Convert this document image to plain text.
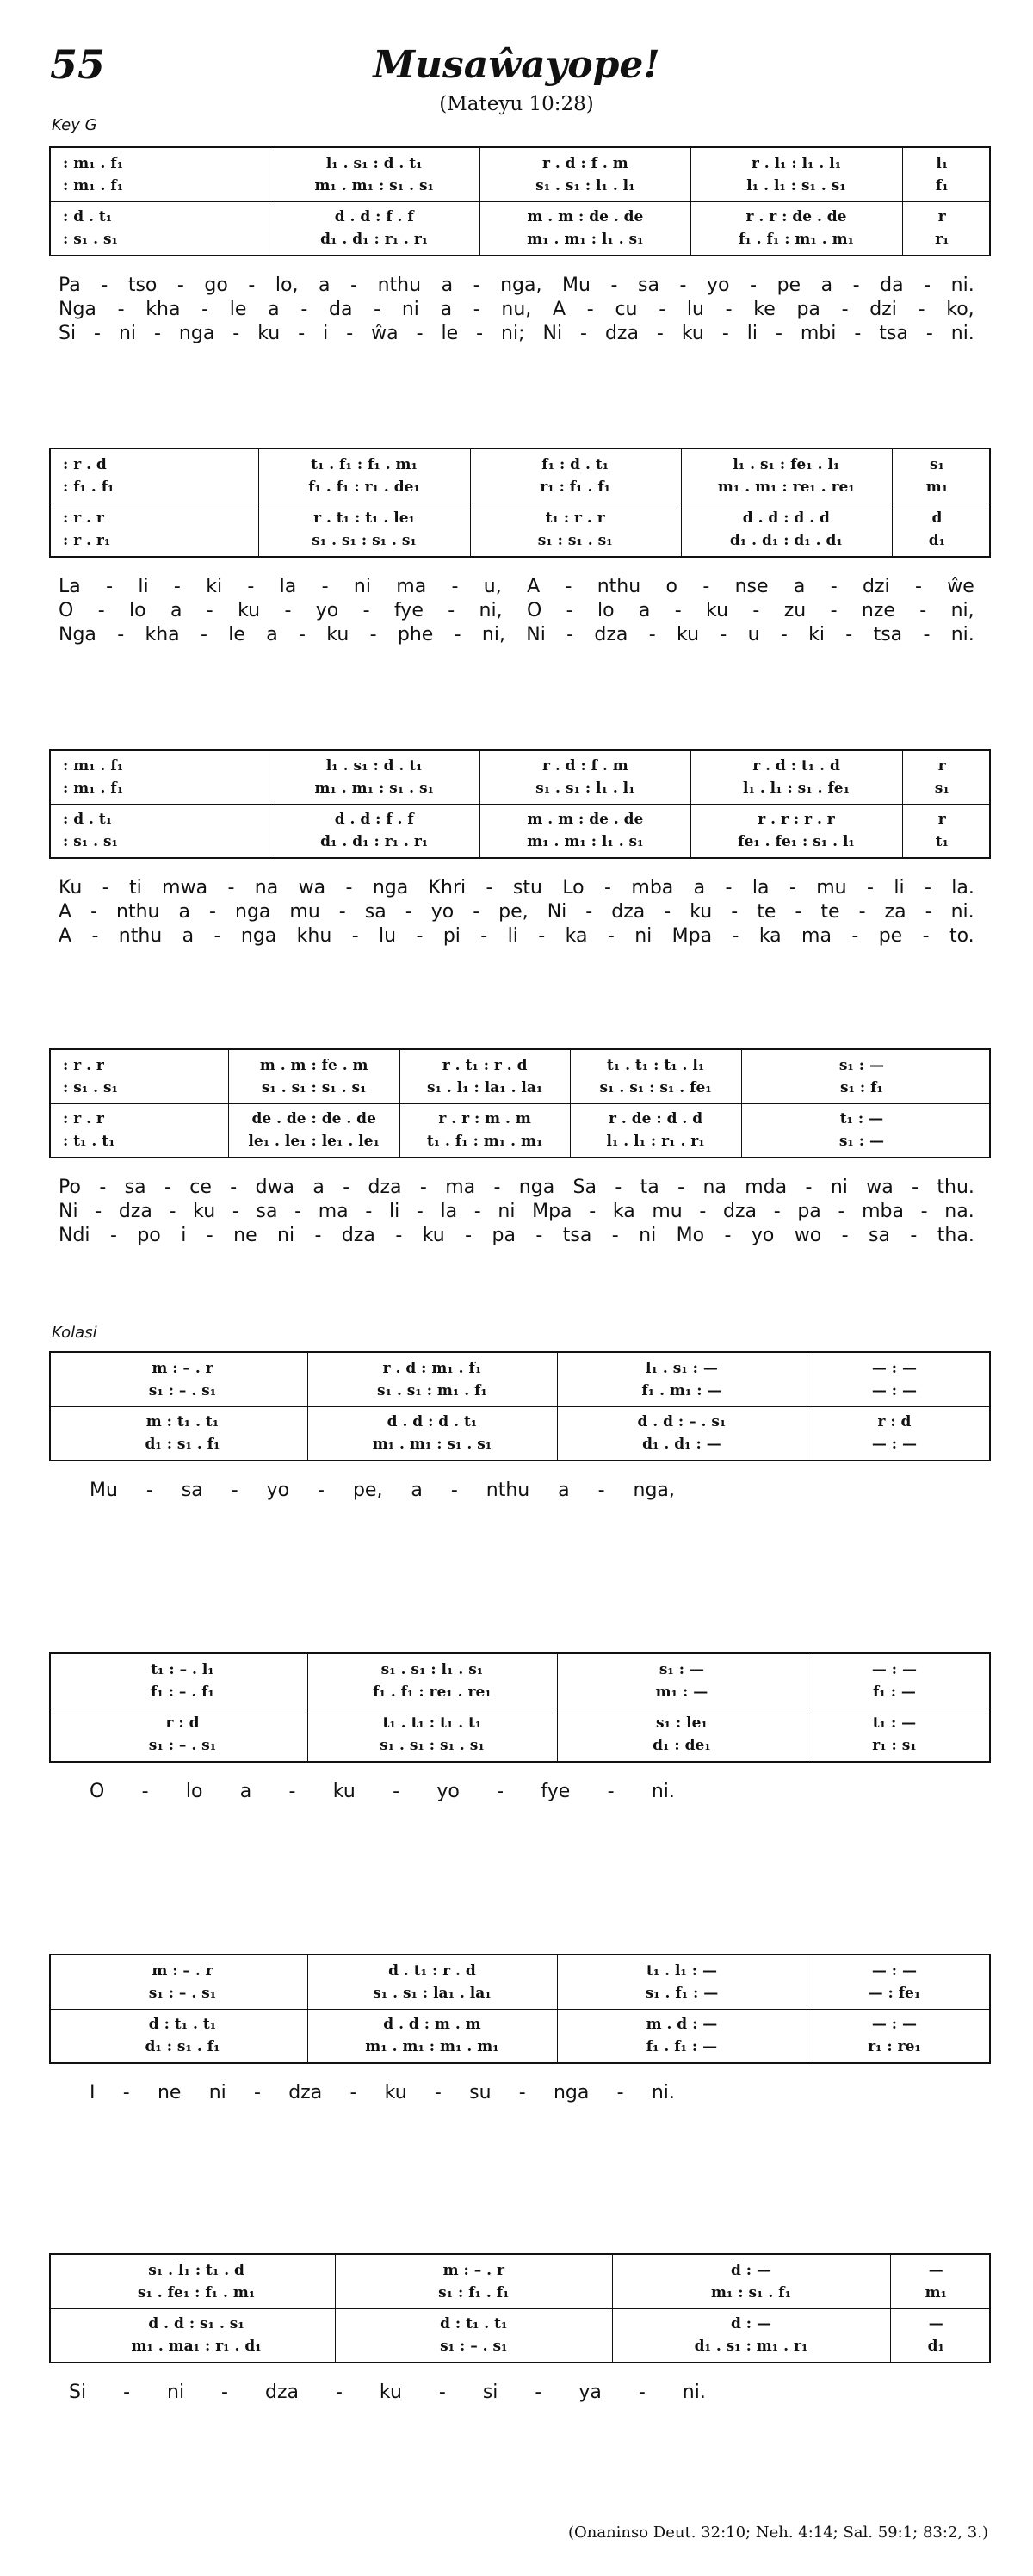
55	Musaŵayope!
(Mateyu 10:28)
Key G
Kolasi
: m₁ . f₁
: m₁ . f₁
: d . t₁
: s₁ . s₁
l₁ . s₁ : d . t₁
m₁ . m₁ : s₁ . s₁
d . d : f . f
d₁ . d₁ : r₁ . r₁
r . d : f . m
s₁ . s₁ : l₁ . l₁
m . m : de . de
m₁ . m₁ : l₁ . s₁
r . l₁ : l₁ . l₁
l₁ . l₁ : s₁ . s₁
r . r : de . de
f₁ . f₁ : m₁ . m₁
l₁
f₁
r
r₁
Pa - tso - go - lo, a - nthu a - nga, Mu - sa - yo - pe a - da - ni.
Nga - kha - le a - da - ni a - nu, A - cu - lu - ke pa - dzi - ko,
Si - ni - nga - ku - i - ŵa - le - ni; Ni - dza - ku - li - mbi - tsa - ni.
: r . d
: f₁ . f₁
: r . r
: r . r₁
t₁ . f₁ : f₁ . m₁
f₁ . f₁ : r₁ . de₁
r . t₁ : t₁ . le₁
s₁ . s₁ : s₁ . s₁
f₁ : d . t₁
r₁ : f₁ . f₁
t₁ : r . r
s₁ : s₁ . s₁
l₁ . s₁ : fe₁ . l₁
m₁ . m₁ : re₁ . re₁
d . d : d . d
d₁ . d₁ : d₁ . d₁
s₁
m₁
d
d₁
La - li - ki - la - ni ma - u, A - nthu o - nse a - dzi - ŵe
O - lo a - ku - yo - fye - ni, O - lo a - ku - zu - nze - ni,
Nga - kha - le a - ku - phe - ni, Ni - dza - ku - u - ki - tsa - ni.
: m₁ . f₁
: m₁ . f₁
: d . t₁
: s₁ . s₁
l₁ . s₁ : d . t₁
m₁ . m₁ : s₁ . s₁
d . d : f . f
d₁ . d₁ : r₁ . r₁
r . d : f . m
s₁ . s₁ : l₁ . l₁
m . m : de . de
m₁ . m₁ : l₁ . s₁
r . d : t₁ . d
l₁ . l₁ : s₁ . fe₁
r . r : r . r
fe₁ . fe₁ : s₁ . l₁
r
s₁
r
t₁
Ku - ti mwa - na wa - nga Khri - stu Lo - mba a - la - mu - li - la.
A - nthu a - nga mu - sa - yo - pe, Ni - dza - ku - te - te - za - ni.
A - nthu a - nga khu - lu - pi - li - ka - ni Mpa - ka ma - pe - to.
: r . r
: s₁ . s₁
: r . r
: t₁ . t₁
m . m : fe . m
s₁ . s₁ : s₁ . s₁
de . de : de . de
le₁ . le₁ : le₁ . le₁
r . t₁ : r . d
s₁ . l₁ : la₁ . la₁
r . r : m . m
t₁ . f₁ : m₁ . m₁
t₁ . t₁ : t₁ . l₁
s₁ . s₁ : s₁ . fe₁
r . de : d . d
l₁ . l₁ : r₁ . r₁
s₁ : —
s₁ : f₁
t₁ : —
s₁ : —
Po - sa - ce - dwa a - dza - ma - nga Sa - ta - na mda - ni wa - thu.
Ni - dza - ku - sa - ma - li - la - ni Mpa - ka mu - dza - pa - mba - na.
Ndi - po i - ne ni - dza - ku - pa - tsa - ni Mo - yo wo - sa - tha.
m : – . r
s₁ : – . s₁
m : t₁ . t₁
d₁ : s₁ . f₁
r . d : m₁ . f₁
s₁ . s₁ : m₁ . f₁
d . d : d . t₁
m₁ . m₁ : s₁ . s₁
l₁ . s₁ : —
f₁ . m₁ : —
d . d : – . s₁
d₁ . d₁ : —
— : —
— : —
r : d
— : —
Mu - sa - yo - pe, a - nthu a - nga,
t₁ : – . l₁
f₁ : – . f₁
r : d
s₁ : – . s₁
s₁ . s₁ : l₁ . s₁
f₁ . f₁ : re₁ . re₁
t₁ . t₁ : t₁ . t₁
s₁ . s₁ : s₁ . s₁
s₁ : —
m₁ : —
s₁ : le₁
d₁ : de₁
— : —
f₁ : —
t₁ : —
r₁ : s₁
O - lo a - ku - yo - fye - ni.
m : – . r
s₁ : – . s₁
d : t₁ . t₁
d₁ : s₁ . f₁
d . t₁ : r . d
s₁ . s₁ : la₁ . la₁
d . d : m . m
m₁ . m₁ : m₁ . m₁
t₁ . l₁ : —
s₁ . f₁ : —
m . d : —
f₁ . f₁ : —
— : —
— : fe₁
— : —
r₁ : re₁
I - ne ni - dza - ku - su - nga - ni.
s₁ . l₁ : t₁ . d
s₁ . fe₁ : f₁ . m₁
d . d : s₁ . s₁
m₁ . ma₁ : r₁ . d₁
m : – . r
s₁ : f₁ . f₁
d : t₁ . t₁
s₁ : – . s₁
d : —
m₁ : s₁ . f₁
d : —
d₁ . s₁ : m₁ . r₁
—
m₁
—
d₁
Si - ni - dza - ku - si - ya - ni.
(Onaninso Deut. 32:10; Neh. 4:14; Sal. 59:1; 83:2, 3.)
